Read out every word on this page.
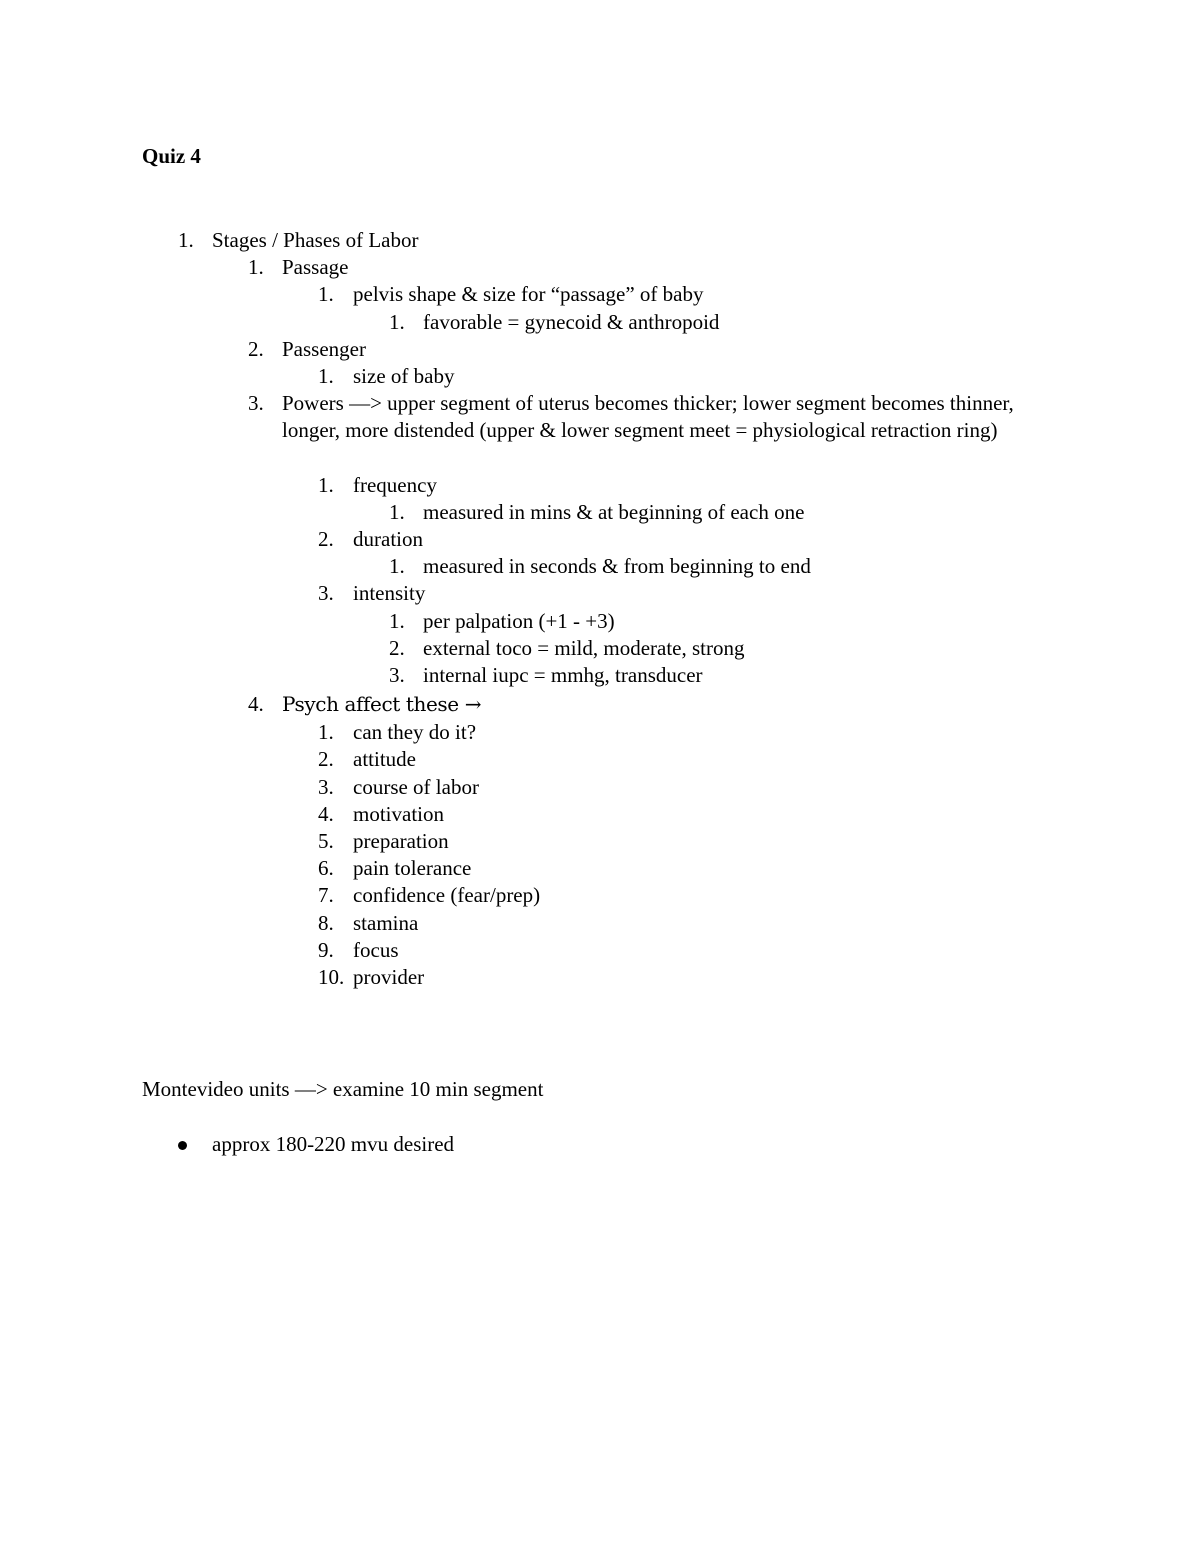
Quiz 4

1. Stages / Phases of Labor
1. Passage
1. pelvis shape & size for “passage” of baby
1. favorable = gynecoid & anthropoid
2. Passenger
1. size of baby
3. Powers —> upper segment of uterus becomes thicker; lower segment becomes thinner, longer, more distended (upper & lower segment meet = physiological retraction ring)
1. frequency
1. measured in mins & at beginning of each one
2. duration
1. measured in seconds & from beginning to end
3. intensity
1. per palpation (+1 - +3)
2. external toco = mild, moderate, strong
3. internal iupc = mmhg, transducer
4. Psych affect these →
1. can they do it?
2. attitude
3. course of labor
4. motivation
5. preparation
6. pain tolerance
7. confidence (fear/prep)
8. stamina
9. focus
10. provider
Montevideo units —> examine 10 min segment
approx 180-220 mvu desired
